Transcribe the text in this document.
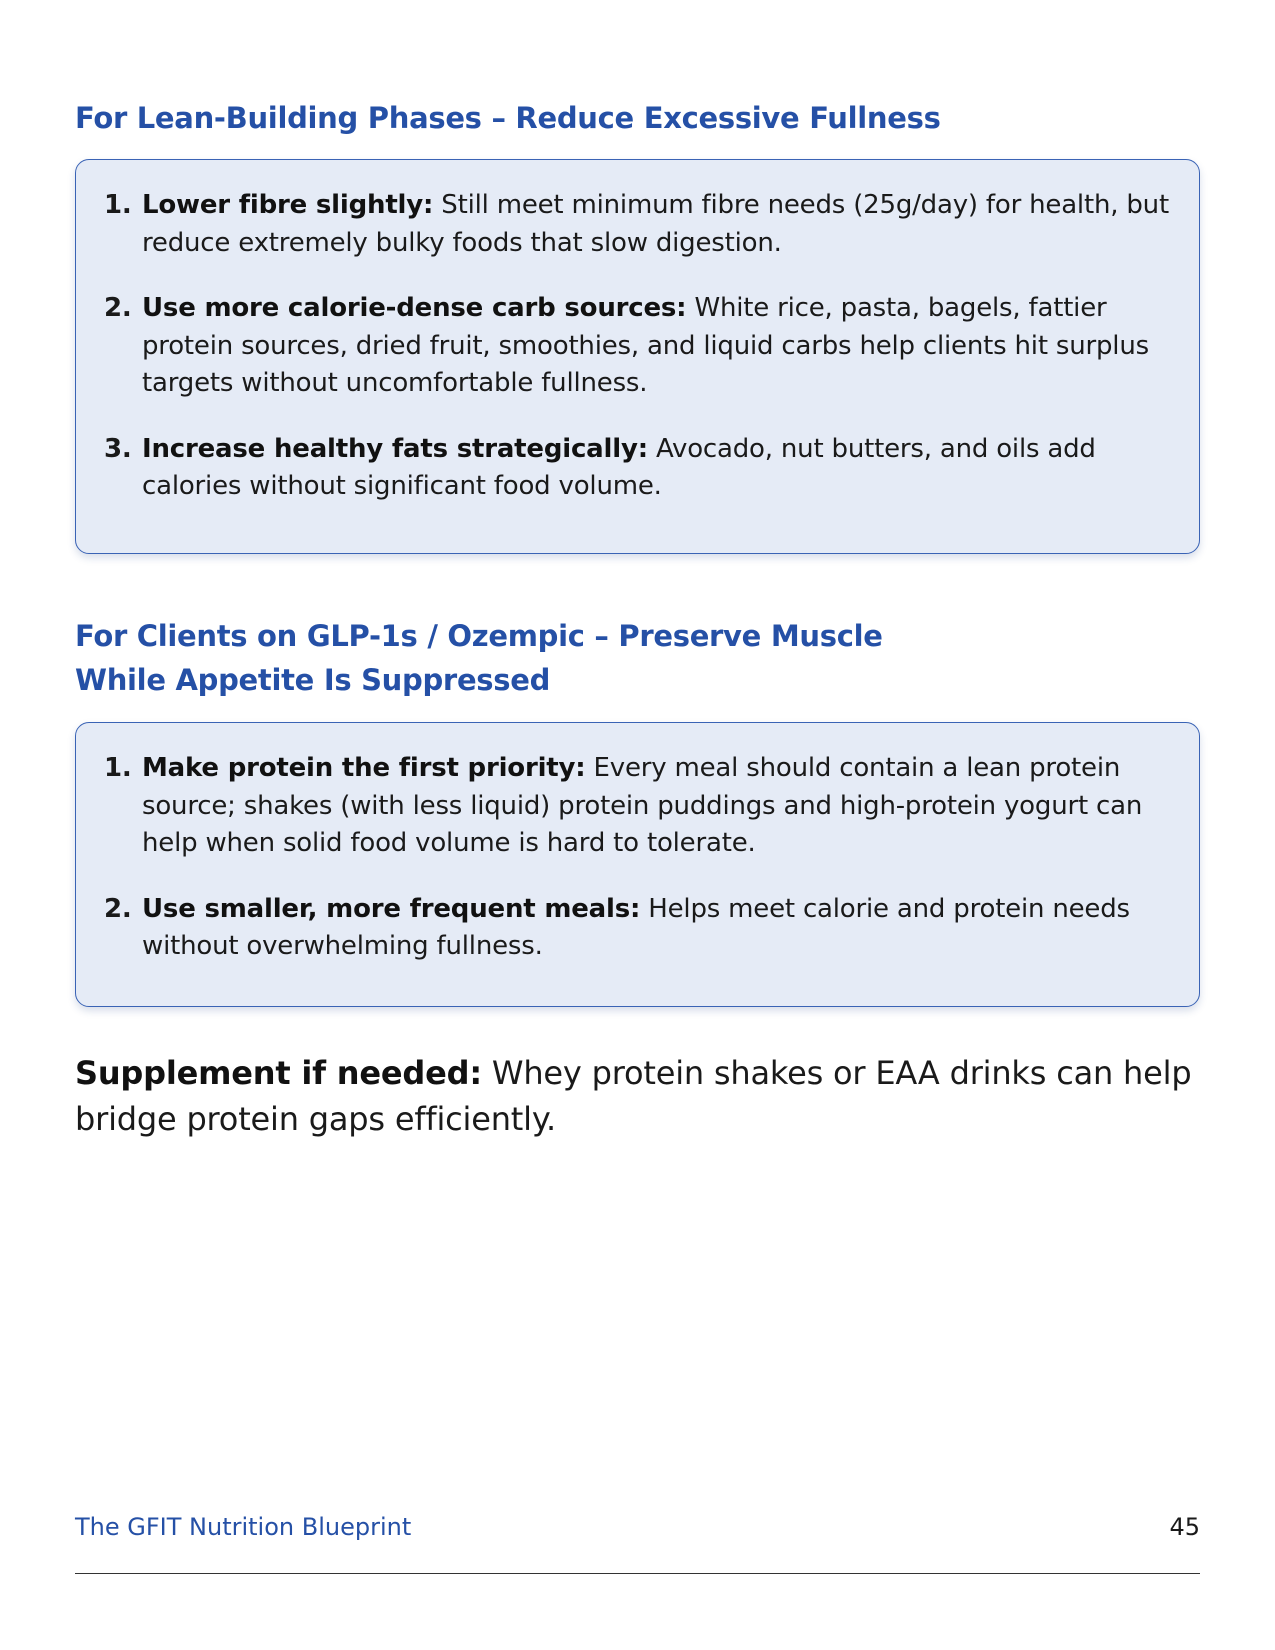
For Lean-Building Phases – Reduce Excessive Fullness
1. Lower fibre slightly: Still meet minimum fibre needs (25g/day) for health, but reduce extremely bulky foods that slow digestion.
2. Use more calorie-dense carb sources: White rice, pasta, bagels, fattier protein sources, dried fruit, smoothies, and liquid carbs help clients hit surplus targets without uncomfortable fullness.
3. Increase healthy fats strategically: Avocado, nut butters, and oils add calories without significant food volume.
For Clients on GLP-1s / Ozempic – Preserve Muscle While Appetite Is Suppressed
1. Make protein the first priority: Every meal should contain a lean protein source; shakes (with less liquid) protein puddings and high-protein yogurt can help when solid food volume is hard to tolerate.
2. Use smaller, more frequent meals: Helps meet calorie and protein needs without overwhelming fullness.

Supplement if needed: Whey protein shakes or EAA drinks can help bridge protein gaps efficiently.

The GFIT Nutrition Blueprint	45
